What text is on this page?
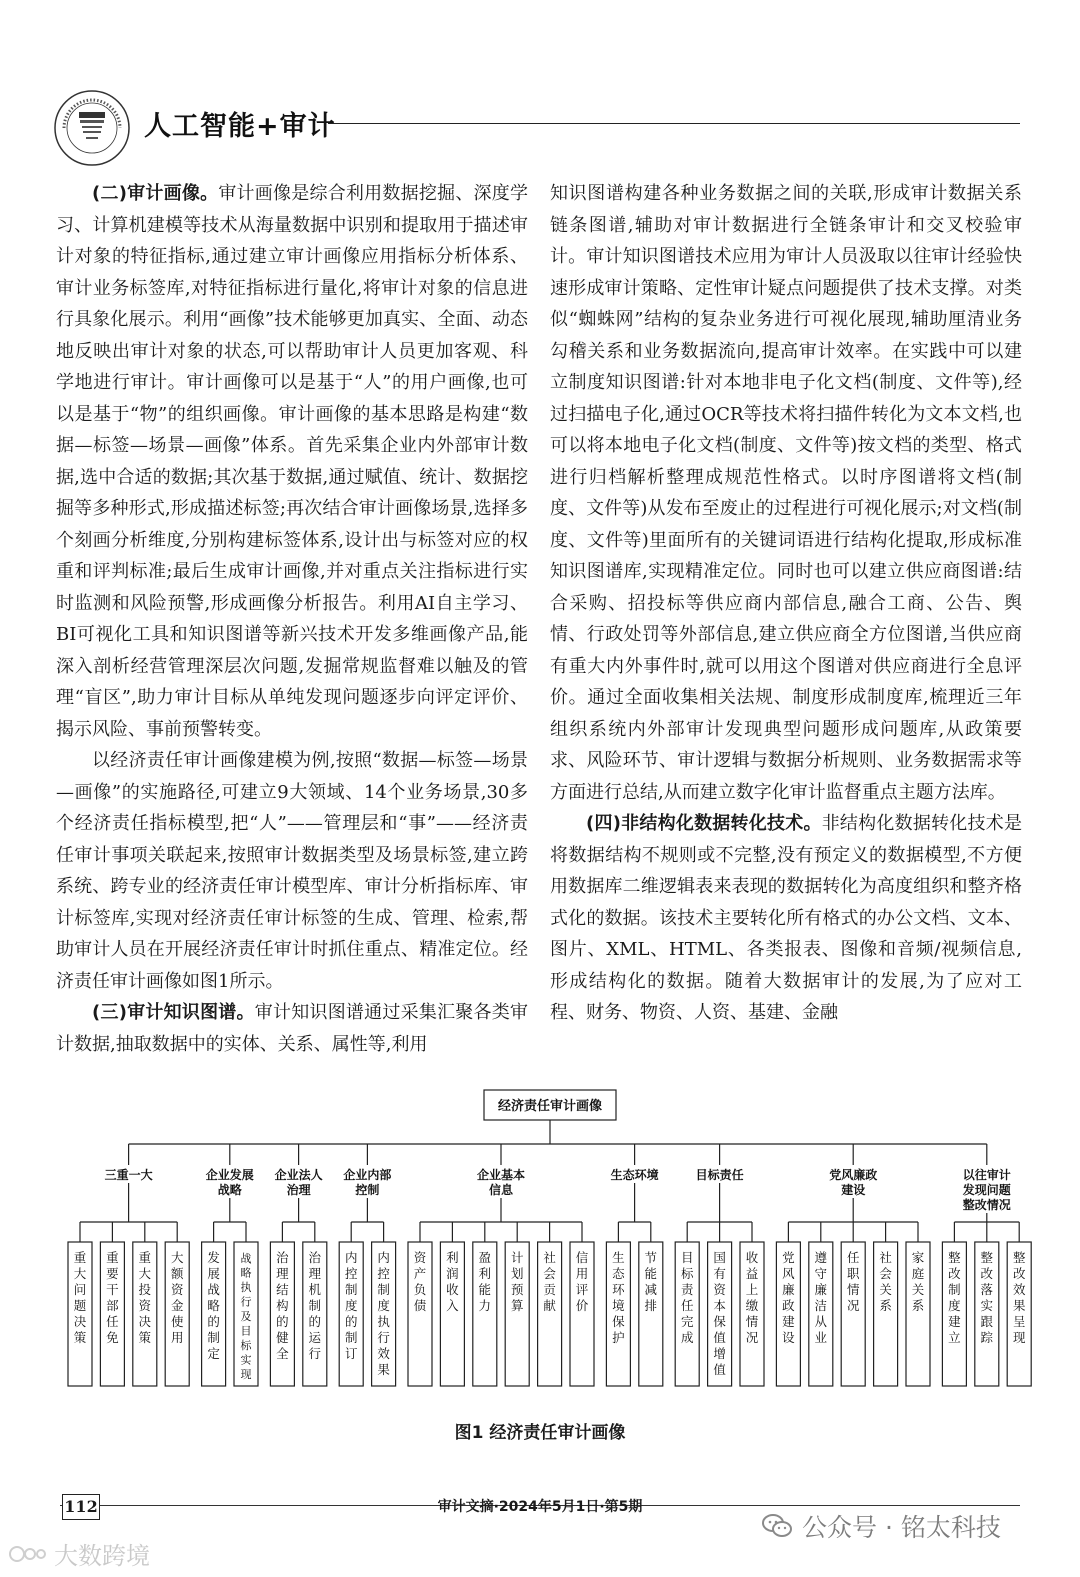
人工智能+审计

(二)审计画像。审计画像是综合利用数据挖掘、深度学习、计算机建模等技术从海量数据中识别和提取用于描述审计对象的特征指标,通过建立审计画像应用指标分析体系、审计业务标签库,对特征指标进行量化,将审计对象的信息进行具象化展示。利用“画像”技术能够更加真实、全面、动态地反映出审计对象的状态,可以帮助审计人员更加客观、科学地进行审计。审计画像可以是基于“人”的用户画像,也可以是基于“物”的组织画像。审计画像的基本思路是构建“数据—标签—场景—画像”体系。首先采集企业内外部审计数据,选中合适的数据;其次基于数据,通过赋值、统计、数据挖掘等多种形式,形成描述标签;再次结合审计画像场景,选择多个刻画分析维度,分别构建标签体系,设计出与标签对应的权重和评判标准;最后生成审计画像,并对重点关注指标进行实时监测和风险预警,形成画像分析报告。利用AI自主学习、BI可视化工具和知识图谱等新兴技术开发多维画像产品,能深入剖析经营管理深层次问题,发掘常规监督难以触及的管理“盲区”,助力审计目标从单纯发现问题逐步向评定评价、揭示风险、事前预警转变。

以经济责任审计画像建模为例,按照“数据—标签—场景—画像”的实施路径,可建立9大领域、14个业务场景,30多个经济责任指标模型,把“人”——管理层和“事”——经济责任审计事项关联起来,按照审计数据类型及场景标签,建立跨系统、跨专业的经济责任审计模型库、审计分析指标库、审计标签库,实现对经济责任审计标签的生成、管理、检索,帮助审计人员在开展经济责任审计时抓住重点、精准定位。经济责任审计画像如图1所示。

(三)审计知识图谱。审计知识图谱通过采集汇聚各类审计数据,抽取数据中的实体、关系、属性等,利用

知识图谱构建各种业务数据之间的关联,形成审计数据关系链条图谱,辅助对审计数据进行全链条审计和交叉校验审计。审计知识图谱技术应用为审计人员汲取以往审计经验快速形成审计策略、定性审计疑点问题提供了技术支撑。对类似“蜘蛛网”结构的复杂业务进行可视化展现,辅助厘清业务勾稽关系和业务数据流向,提高审计效率。在实践中可以建立制度知识图谱:针对本地非电子化文档(制度、文件等),经过扫描电子化,通过OCR等技术将扫描件转化为文本文档,也可以将本地电子化文档(制度、文件等)按文档的类型、格式进行归档解析整理成规范性格式。以时序图谱将文档(制度、文件等)从发布至废止的过程进行可视化展示;对文档(制度、文件等)里面所有的关键词语进行结构化提取,形成标准知识图谱库,实现精准定位。同时也可以建立供应商图谱:结合采购、招投标等供应商内部信息,融合工商、公告、舆情、行政处罚等外部信息,建立供应商全方位图谱,当供应商有重大内外事件时,就可以用这个图谱对供应商进行全息评价。通过全面收集相关法规、制度形成制度库,梳理近三年组织系统内外部审计发现典型问题形成问题库,从政策要求、风险环节、审计逻辑与数据分析规则、业务数据需求等方面进行总结,从而建立数字化审计监督重点主题方法库。

(四)非结构化数据转化技术。非结构化数据转化技术是将数据结构不规则或不完整,没有预定义的数据模型,不方便用数据库二维逻辑表来表现的数据转化为高度组织和整齐格式化的数据。该技术主要转化所有格式的办公文档、文本、图片、XML、HTML、各类报表、图像和音频/视频信息,形成结构化的数据。随着大数据审计的发展,为了应对工程、财务、物资、人资、基建、金融

经济责任审计画像
三重一大
重大问题决策
重要干部任免
重大投资决策
大额资金使用
企业发展
战略
发展战略的制定
战略执行及目标实现
企业法人
治理
治理结构的健全
治理机制的运行
企业内部
控制
内控制度的制订
内控制度执行效果
企业基本
信息
资产负债
利润收入
盈利能力
计划预算
社会贡献
信用评价
生态环境
生态环境保护
节能减排
目标责任
目标责任完成
国有资本保值增值
收益上缴情况
党风廉政
建设
党风廉政建设
遵守廉洁从业
任职情况
社会关系
家庭关系
以往审计
发现问题
整改情况
整改制度建立
整改落实跟踪
整改效果呈现
图1 经济责任审计画像
112	审计文摘·2024年5月1日·第5期
公众号 · 铭太科技
大数跨境
